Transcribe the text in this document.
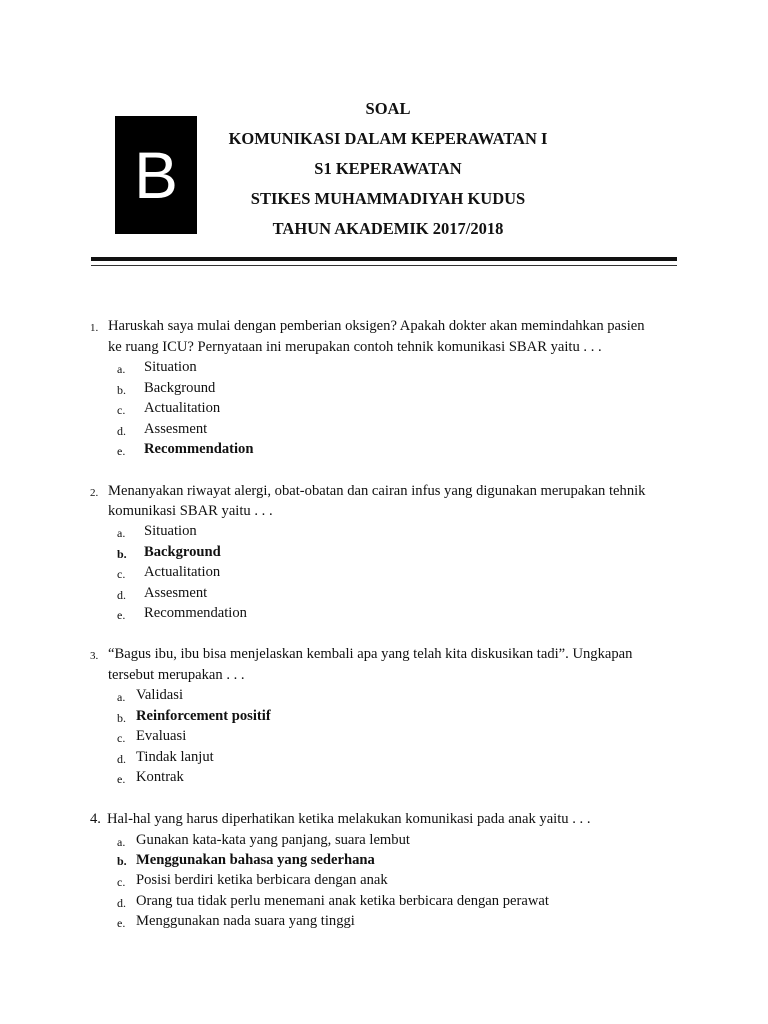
B
SOAL
KOMUNIKASI DALAM KEPERAWATAN I
S1 KEPERAWATAN
STIKES MUHAMMADIYAH KUDUS
TAHUN AKADEMIK 2017/2018
1. Haruskah saya mulai dengan pemberian oksigen? Apakah dokter akan memindahkan pasien
ke ruang ICU? Pernyataan ini merupakan contoh tehnik komunikasi SBAR yaitu . . .
a. Situation
b. Background
c. Actualitation
d. Assesment
e. Recommendation
2. Menanyakan riwayat alergi, obat-obatan dan cairan infus yang digunakan merupakan tehnik
komunikasi SBAR yaitu . . .
a. Situation
b. Background
c. Actualitation
d. Assesment
e. Recommendation
3. “Bagus ibu, ibu bisa menjelaskan kembali apa yang telah kita diskusikan tadi”. Ungkapan
tersebut merupakan . . .
a. Validasi
b. Reinforcement positif
c. Evaluasi
d. Tindak lanjut
e. Kontrak
4. Hal-hal yang harus diperhatikan ketika melakukan komunikasi pada anak yaitu . . .
a. Gunakan kata-kata yang panjang, suara lembut
b. Menggunakan bahasa yang sederhana
c. Posisi berdiri ketika berbicara dengan anak
d. Orang tua tidak perlu menemani anak ketika berbicara dengan perawat
e. Menggunakan nada suara yang tinggi
